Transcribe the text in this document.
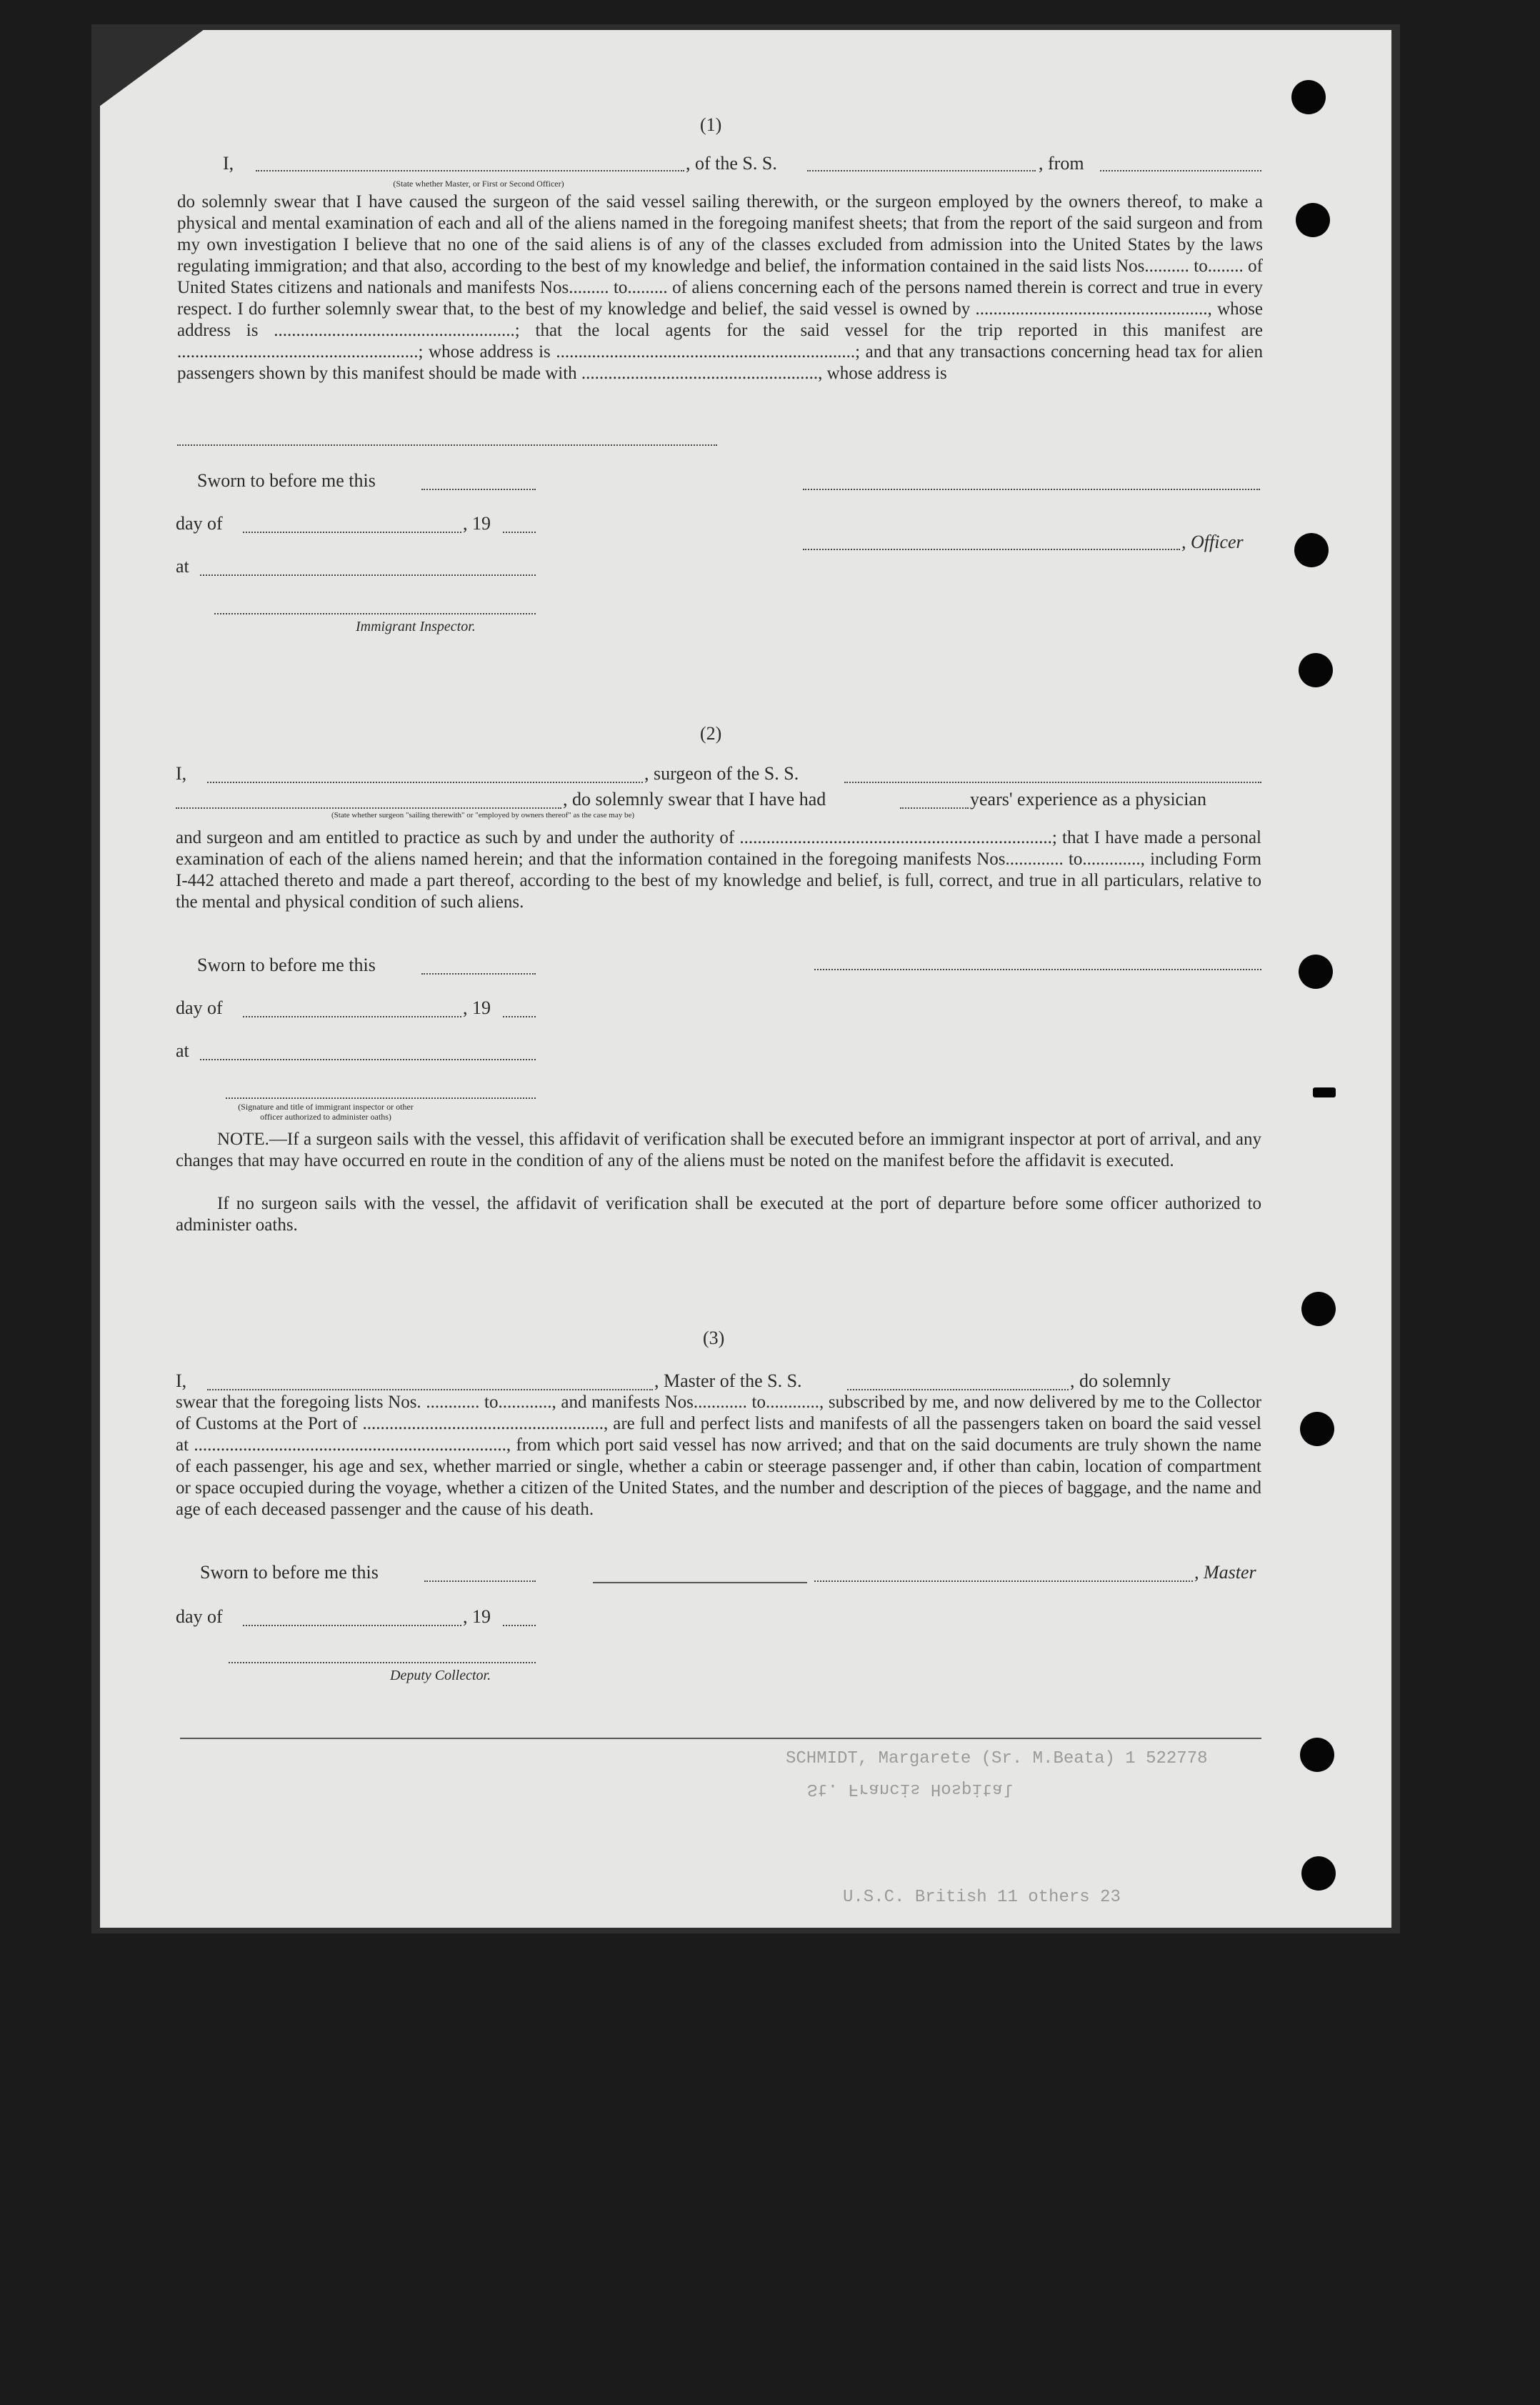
SCHMIDT, Margarete (Sr. M.Beata) 1 522778
St. Francis Hospital
U.S.C. British 11 others 23
(1)
I,	, of the S. S.	, from
(State whether Master, or First or Second Officer)
do solemnly swear that I have caused the surgeon of the said vessel sailing therewith, or the surgeon employed by the owners thereof, to make a physical and mental examination of each and all of the aliens named in the foregoing manifest sheets; that from the report of the said surgeon and from my own investigation I believe that no one of the said aliens is of any of the classes excluded from admission into the United States by the laws regulating immigration; and that also, according to the best of my knowledge and belief, the information contained in the said lists Nos.......... to........ of United States citizens and nationals and manifests Nos......... to......... of aliens concerning each of the persons named therein is correct and true in every respect. I do further solemnly swear that, to the best of my knowledge and belief, the said vessel is owned by ...................................................., whose address is ......................................................; that the local agents for the said vessel for the trip reported in this manifest are ......................................................; whose address is ...................................................................; and that any transactions concerning head tax for alien passengers shown by this manifest should be made with ....................................................., whose address is
Sworn to before me this
day of	, 19
, Officer
at
Immigrant Inspector.
(2)
I,	, surgeon of the S. S.
, do solemnly swear that I have had	years' experience as a physician
(State whether surgeon "sailing therewith" or "employed by owners thereof" as the case may be)
and surgeon and am entitled to practice as such by and under the authority of ......................................................................; that I have made a personal examination of each of the aliens named herein; and that the information contained in the foregoing manifests Nos............. to............., including Form I-442 attached thereto and made a part thereof, according to the best of my knowledge and belief, is full, correct, and true in all particulars, relative to the mental and physical condition of such aliens.
Sworn to before me this
day of	, 19
at
(Signature and title of immigrant inspector or other officer authorized to administer oaths)
NOTE.—If a surgeon sails with the vessel, this affidavit of verification shall be executed before an immigrant inspector at port of arrival, and any changes that may have occurred en route in the condition of any of the aliens must be noted on the manifest before the affidavit is executed.
If no surgeon sails with the vessel, the affidavit of verification shall be executed at the port of departure before some officer authorized to administer oaths.
(3)
I,	, Master of the S. S.	, do solemnly
swear that the foregoing lists Nos. ............ to............, and manifests Nos............ to............, subscribed by me, and now delivered by me to the Collector of Customs at the Port of ......................................................, are full and perfect lists and manifests of all the passengers taken on board the said vessel at ......................................................................, from which port said vessel has now arrived; and that on the said documents are truly shown the name of each passenger, his age and sex, whether married or single, whether a cabin or steerage passenger and, if other than cabin, location of compartment or space occupied during the voyage, whether a citizen of the United States, and the number and description of the pieces of baggage, and the name and age of each deceased passenger and the cause of his death.
Sworn to before me this	, Master
day of	, 19
Deputy Collector.
